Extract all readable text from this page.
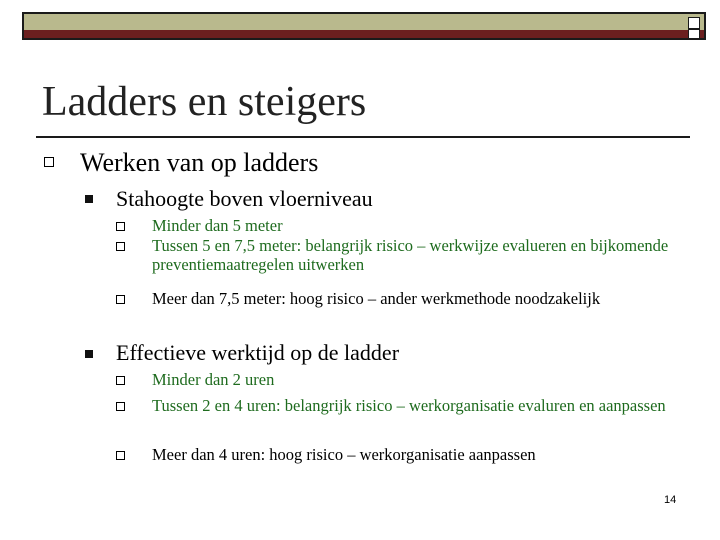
Ladders en steigers
Werken van op ladders
Stahoogte boven vloerniveau
Minder dan 5 meter
Tussen 5 en 7,5 meter: belangrijk risico – werkwijze evalueren en bijkomende preventiemaatregelen uitwerken
Meer dan 7,5 meter: hoog risico – ander werkmethode noodzakelijk
Effectieve werktijd op de ladder
Minder dan 2 uren
Tussen 2 en 4 uren: belangrijk risico – werkorganisatie evaluren en aanpassen
Meer dan 4 uren: hoog risico – werkorganisatie aanpassen
14
